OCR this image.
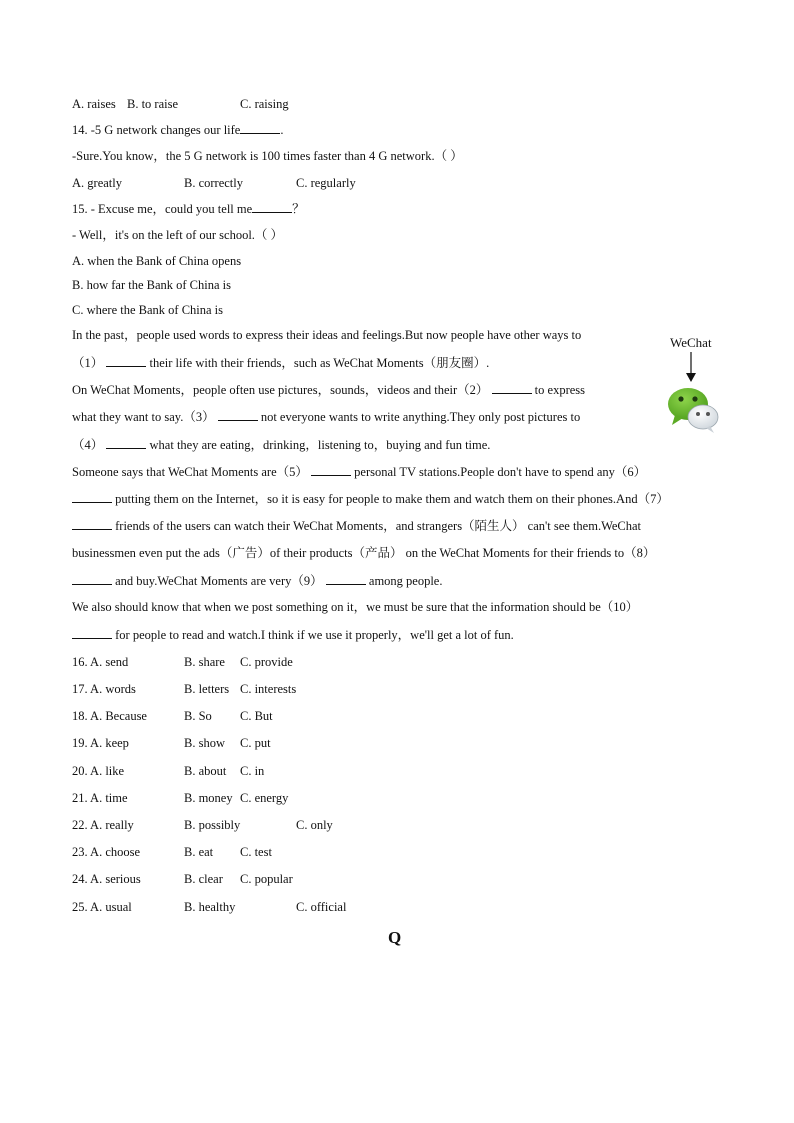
A. raises B. to raise	C. raising
14. -5 G network changes our life	.
-Sure.You know，the 5 G network is 100 times faster than 4 G network.（ ）
A. greatly	B. correctly	C. regularly
15. - Excuse me，could you tell me	？
- Well，it's on the left of our school.（ ）
A. when the Bank of China opens
B. how far the Bank of China is
C. where the Bank of China is
In the past，people used words to express their ideas and feelings.But now people have other ways to
（1）	their life with their friends，such as WeChat Moments（朋友圈）.
On WeChat Moments，people often use pictures，sounds，videos and their（2）	to express
what they want to say.（3）	not everyone wants to write anything.They only post pictures to
（4）	what they are eating，drinking，listening to，buying and fun time.
Someone says that WeChat Moments are（5）	personal TV stations.People don't have to spend any（6）
putting them on the Internet，so it is easy for people to make them and watch them on their phones.And（7）
friends of the users can watch their WeChat Moments，and strangers（陌生人） can't see them.WeChat
businessmen even put the ads（广告）of their products（产品） on the WeChat Moments for their friends to（8）
and buy.WeChat Moments are very（9）	among people.
We also should know that when we post something on it，we must be sure that the information should be（10）
for people to read and watch.I think if we use it properly，we'll get a lot of fun.
WeChat
16. A. send	B. share C. provide
17. A. words	B. letters C. interests
18. A. Because	B. So C. But
19. A. keep	B. show C. put
20. A. like	B. about C. in
21. A. time	B. money C. energy
22. A. really	B. possibly	C. only
23. A. choose	B. eat C. test
24. A. serious	B. clear C. popular
25. A. usual	B. healthy	C. official
Q
